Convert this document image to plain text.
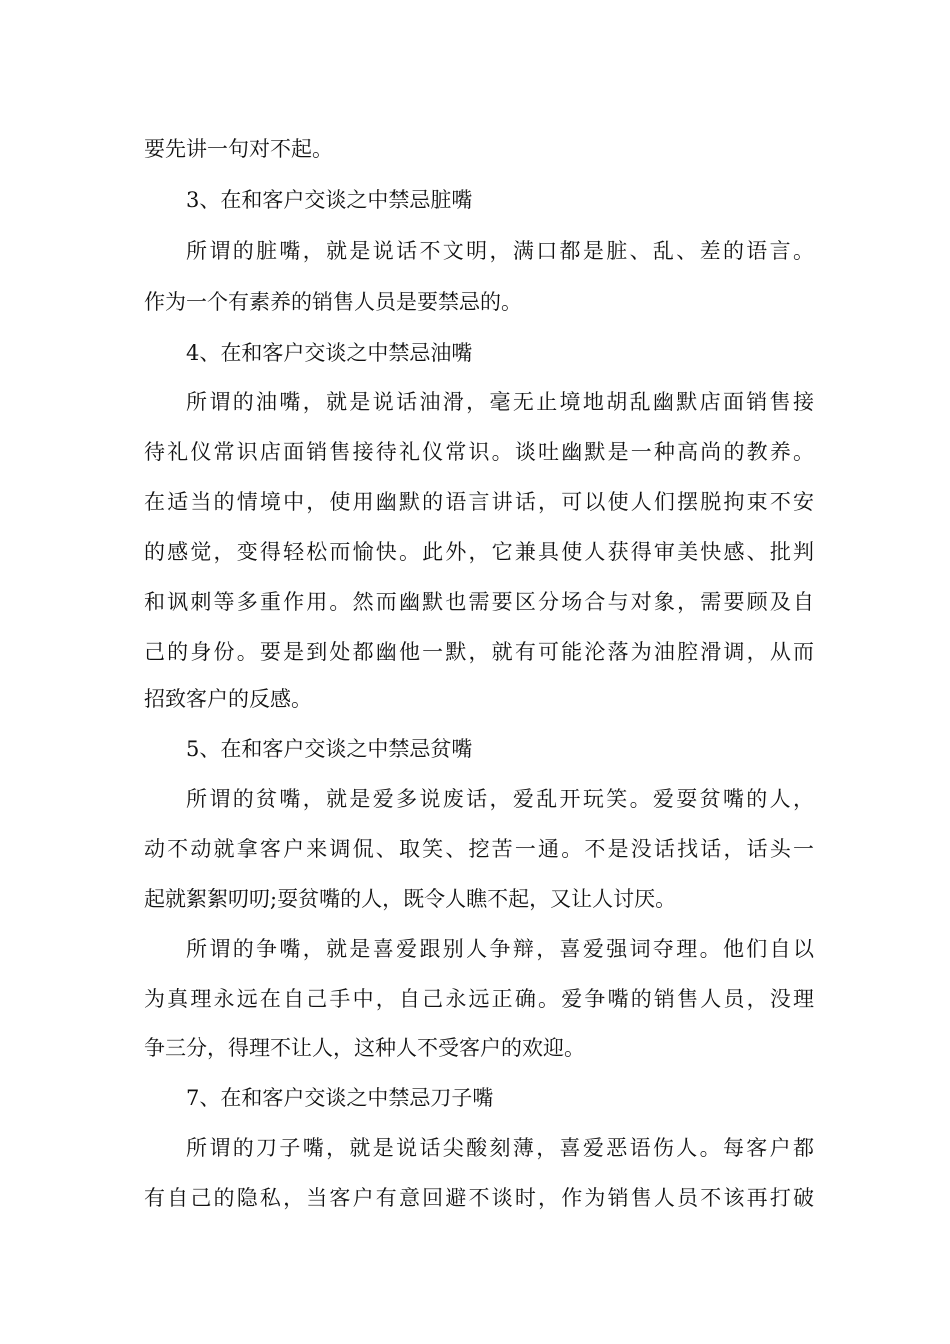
要先讲一句对不起。
3、在和客户交谈之中禁忌脏嘴
所谓的脏嘴，就是说话不文明，满口都是脏、乱、差的语言。
作为一个有素养的销售人员是要禁忌的。
4、在和客户交谈之中禁忌油嘴
所谓的油嘴，就是说话油滑，毫无止境地胡乱幽默店面销售接
待礼仪常识店面销售接待礼仪常识。谈吐幽默是一种高尚的教养。
在适当的情境中，使用幽默的语言讲话，可以使人们摆脱拘束不安
的感觉，变得轻松而愉快。此外，它兼具使人获得审美快感、批判
和讽刺等多重作用。然而幽默也需要区分场合与对象，需要顾及自
己的身份。要是到处都幽他一默，就有可能沦落为油腔滑调，从而
招致客户的反感。
5、在和客户交谈之中禁忌贫嘴
所谓的贫嘴，就是爱多说废话，爱乱开玩笑。爱耍贫嘴的人，
动不动就拿客户来调侃、取笑、挖苦一通。不是没话找话，话头一
起就絮絮叨叨;耍贫嘴的人，既令人瞧不起，又让人讨厌。
所谓的争嘴，就是喜爱跟别人争辩，喜爱强词夺理。他们自以
为真理永远在自己手中，自己永远正确。爱争嘴的销售人员，没理
争三分，得理不让人，这种人不受客户的欢迎。
7、在和客户交谈之中禁忌刀子嘴
所谓的刀子嘴，就是说话尖酸刻薄，喜爱恶语伤人。每客户都
有自己的隐私，当客户有意回避不谈时，作为销售人员不该再打破
